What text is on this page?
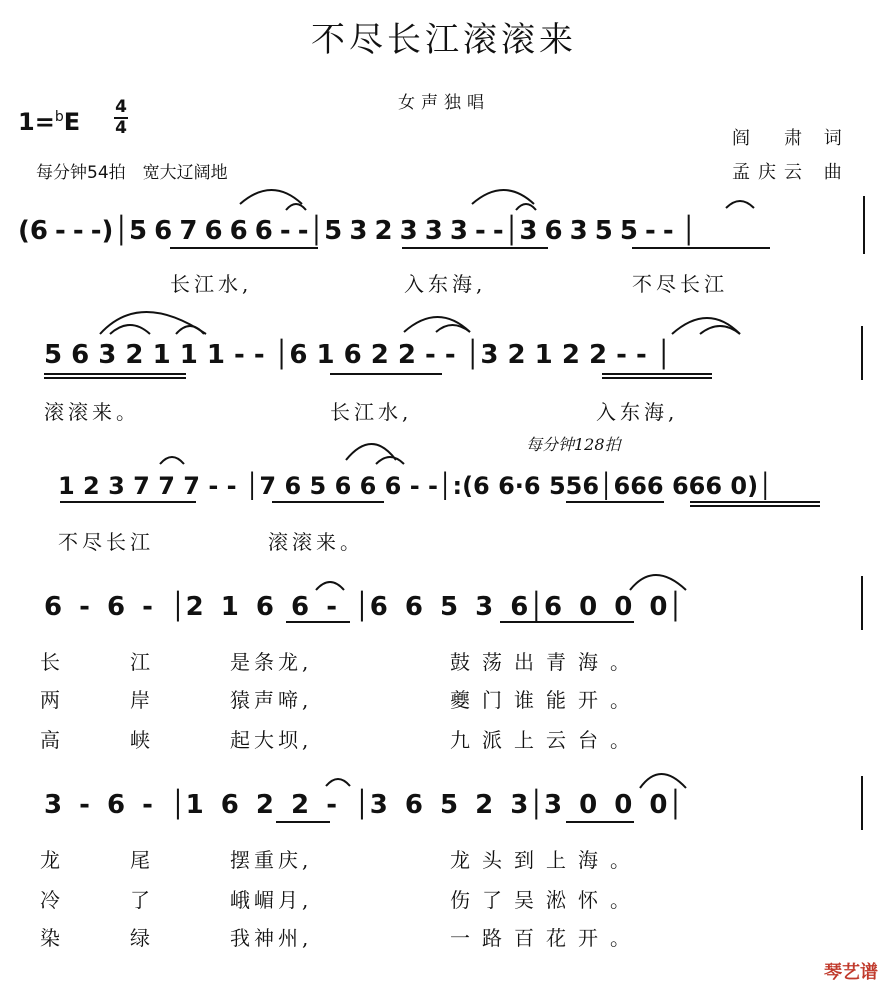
不尽长江滚滚来
女声独唱
1=$^b$E
4
4
每分钟54拍　宽大辽阔地
阎　肃 词
孟庆云 曲
(6 - - -)│5 6 7 6 6 6 - -│5 3 2 3 3 3 - -│3 6 3 5 5 - - │
长江水,	入东海,	不尽长江
5 6 3 2 1 1 1 - - │6 1 6 2 2 - - │3 2 1 2 2 - - │
滚滚来。	长江水,	入东海,
每分钟128拍
1 2 3 7 7 7 - - │7 6 5 6 6 6 - -│:(6 6·6 556│666 666 0)│
不尽长江	滚滚来。
6 - 6 - │2 1 6 6 - │6 6 5 3 6│6 0 0 0│
长	江	是条龙,	鼓荡出青海。
两	岸	猿声啼,	夔门谁能开。
高	峡	起大坝,	九派上云台。
3 - 6 - │1 6 2 2 - │3 6 5 2 3│3 0 0 0│
龙	尾	摆重庆,	龙头到上海。
冷	了	峨嵋月,	伤了吴淞怀。
染	绿	我神州,	一路百花开。
琴艺谱
